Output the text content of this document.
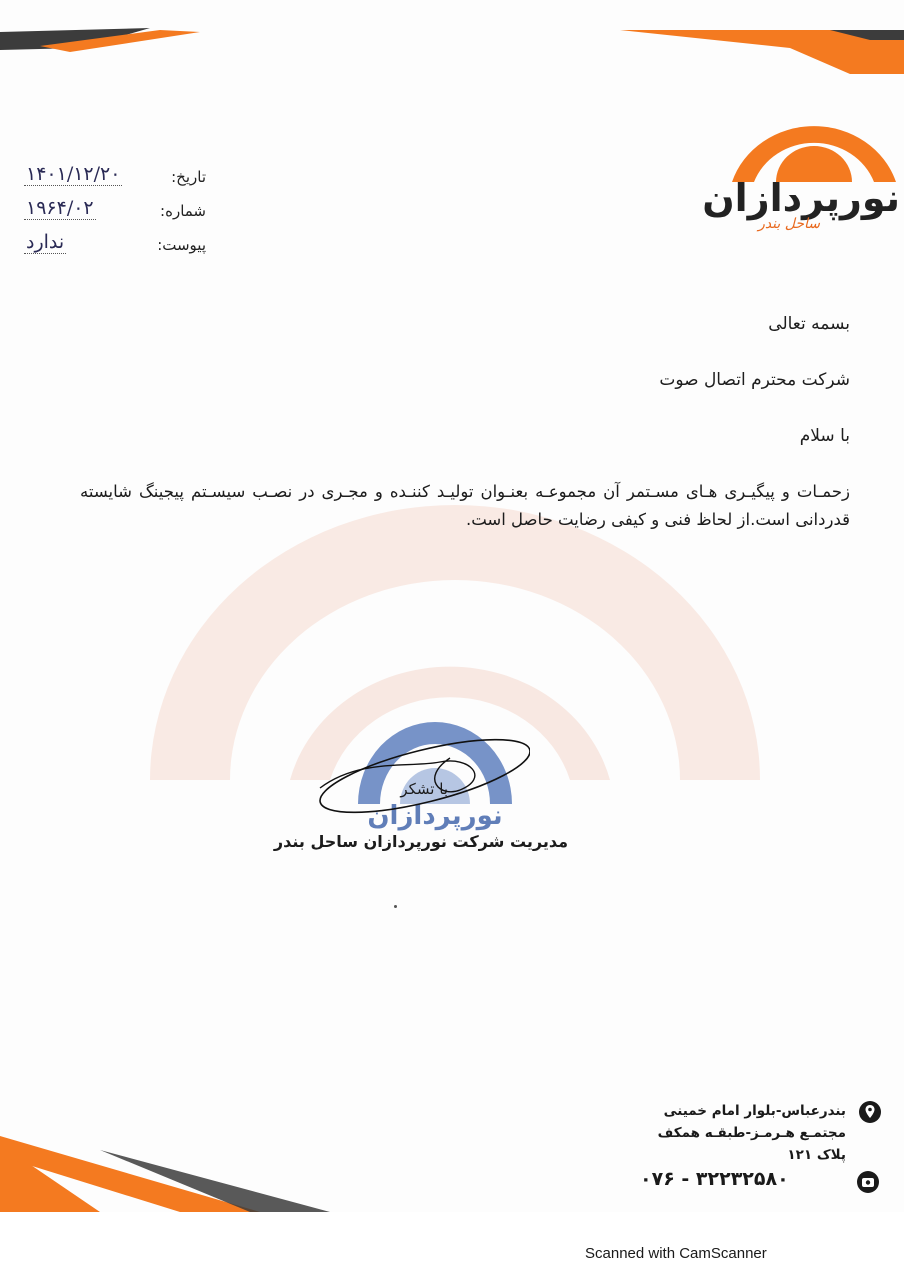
نورپردازان
ساحل بندر
تاریخ:
۱۴۰۱/۱۲/۲۰
شماره:
۱۹۶۴/۰۲
پیوست:
ندارد
بسمه تعالی
شرکت محترم اتصال صوت
با سلام
زحمـات و پیگیـری هـای مسـتمر آن مجموعـه بعنـوان تولیـد کننـده و مجـری در نصـب سیسـتم پیجینگ شایسته قدردانی است.از لحاظ فنی و کیفی رضایت حاصل است.
نورپردازان
با تشکر
مدیریت شرکت نورپردازان ساحل بندر
بندرعباس-بلوار امام خمینی
مجتمـع هـرمـز-طبقـه همکف
پلاک ۱۲۱
۰۷۶ - ۳۲۲۳۲۵۸۰
Scanned with CamScanner
